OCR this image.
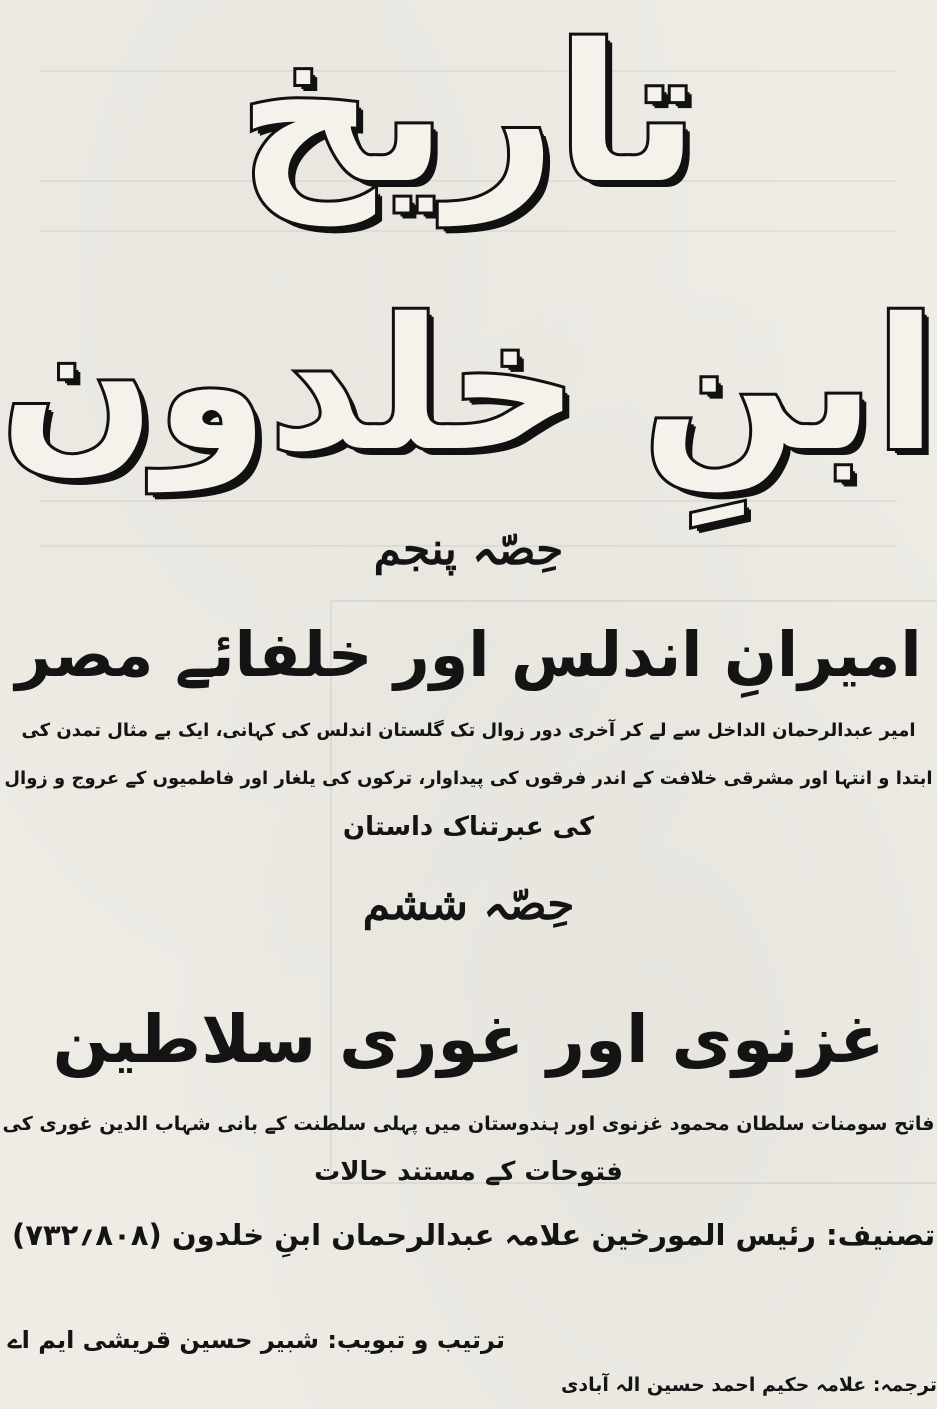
تاریخ
ابنِ خلدون
حِصّہ پنجم
امیرانِ اندلس اور خلفائے مصر
امیر عبدالرحمان الداخل سے لے کر آخری دور زوال تک گلستان اندلس کی کہانی، ایک بے مثال تمدن کی
ابتدا و انتہا اور مشرقی خلافت کے اندر فرقوں کی پیداوار، ترکوں کی یلغار اور فاطمیوں کے عروج و زوال
کی عبرتناک داستان
حِصّہ ششم
غزنوی اور غوری سلاطین
فاتح سومنات سلطان محمود غزنوی اور ہندوستان میں پہلی سلطنت کے بانی شہاب الدین غوری کی
فتوحات کے مستند حالات
تصنیف: رئیس المورخین علامہ عبدالرحمان ابنِ خلدون (۸۰۸؍۷۳۲)
ترتیب و تبویب: شبیر حسین قریشی ایم اے
ترجمہ: علامہ حکیم احمد حسین الہ آبادی
